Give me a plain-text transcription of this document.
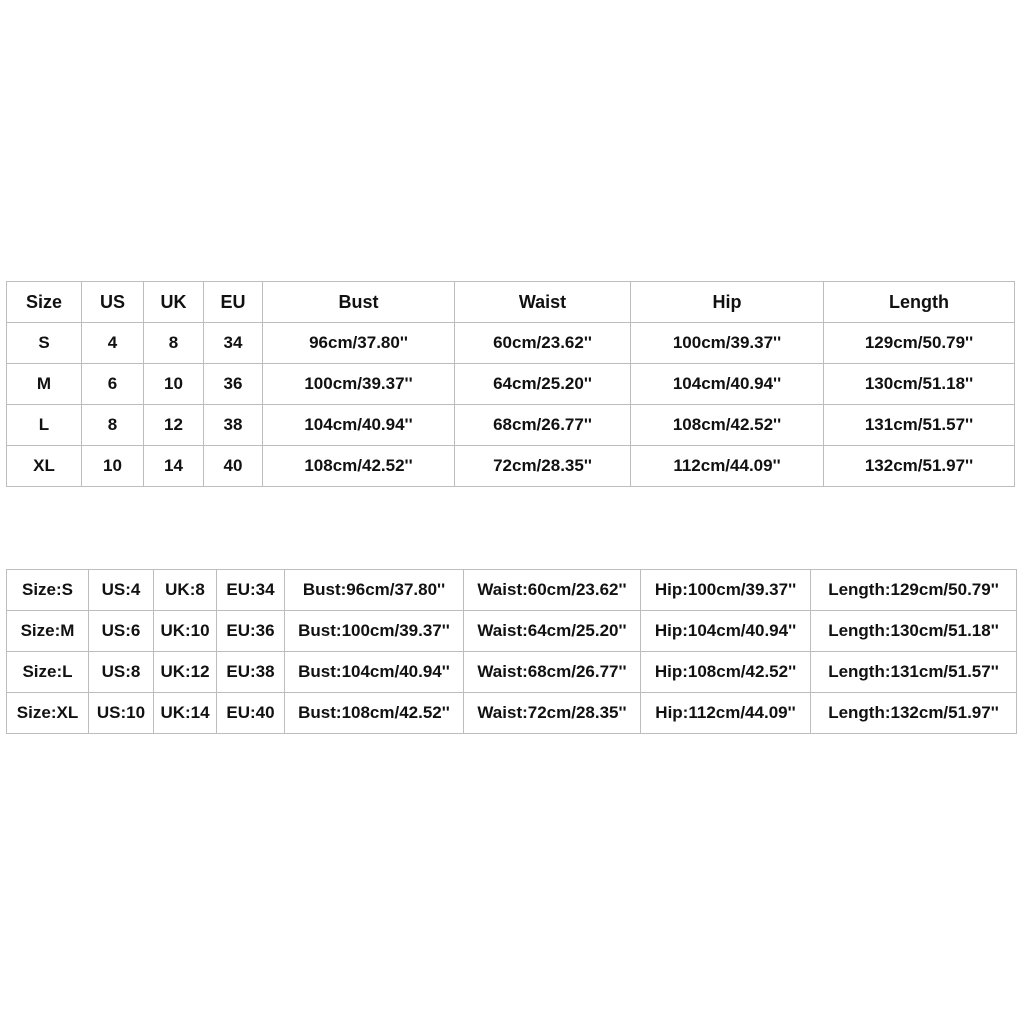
Size	US	UK	EU	Bust	Waist	Hip	Length
S	4	8	34	96cm/37.80''	60cm/23.62''	100cm/39.37''	129cm/50.79''
M	6	10	36	100cm/39.37''	64cm/25.20''	104cm/40.94''	130cm/51.18''
L	8	12	38	104cm/40.94''	68cm/26.77''	108cm/42.52''	131cm/51.57''
XL	10	14	40	108cm/42.52''	72cm/28.35''	112cm/44.09''	132cm/51.97''
Size:S	US:4	UK:8	EU:34	Bust:96cm/37.80''	Waist:60cm/23.62''	Hip:100cm/39.37''	Length:129cm/50.79''
Size:M	US:6	UK:10	EU:36	Bust:100cm/39.37''	Waist:64cm/25.20''	Hip:104cm/40.94''	Length:130cm/51.18''
Size:L	US:8	UK:12	EU:38	Bust:104cm/40.94''	Waist:68cm/26.77''	Hip:108cm/42.52''	Length:131cm/51.57''
Size:XL	US:10	UK:14	EU:40	Bust:108cm/42.52''	Waist:72cm/28.35''	Hip:112cm/44.09''	Length:132cm/51.97''
